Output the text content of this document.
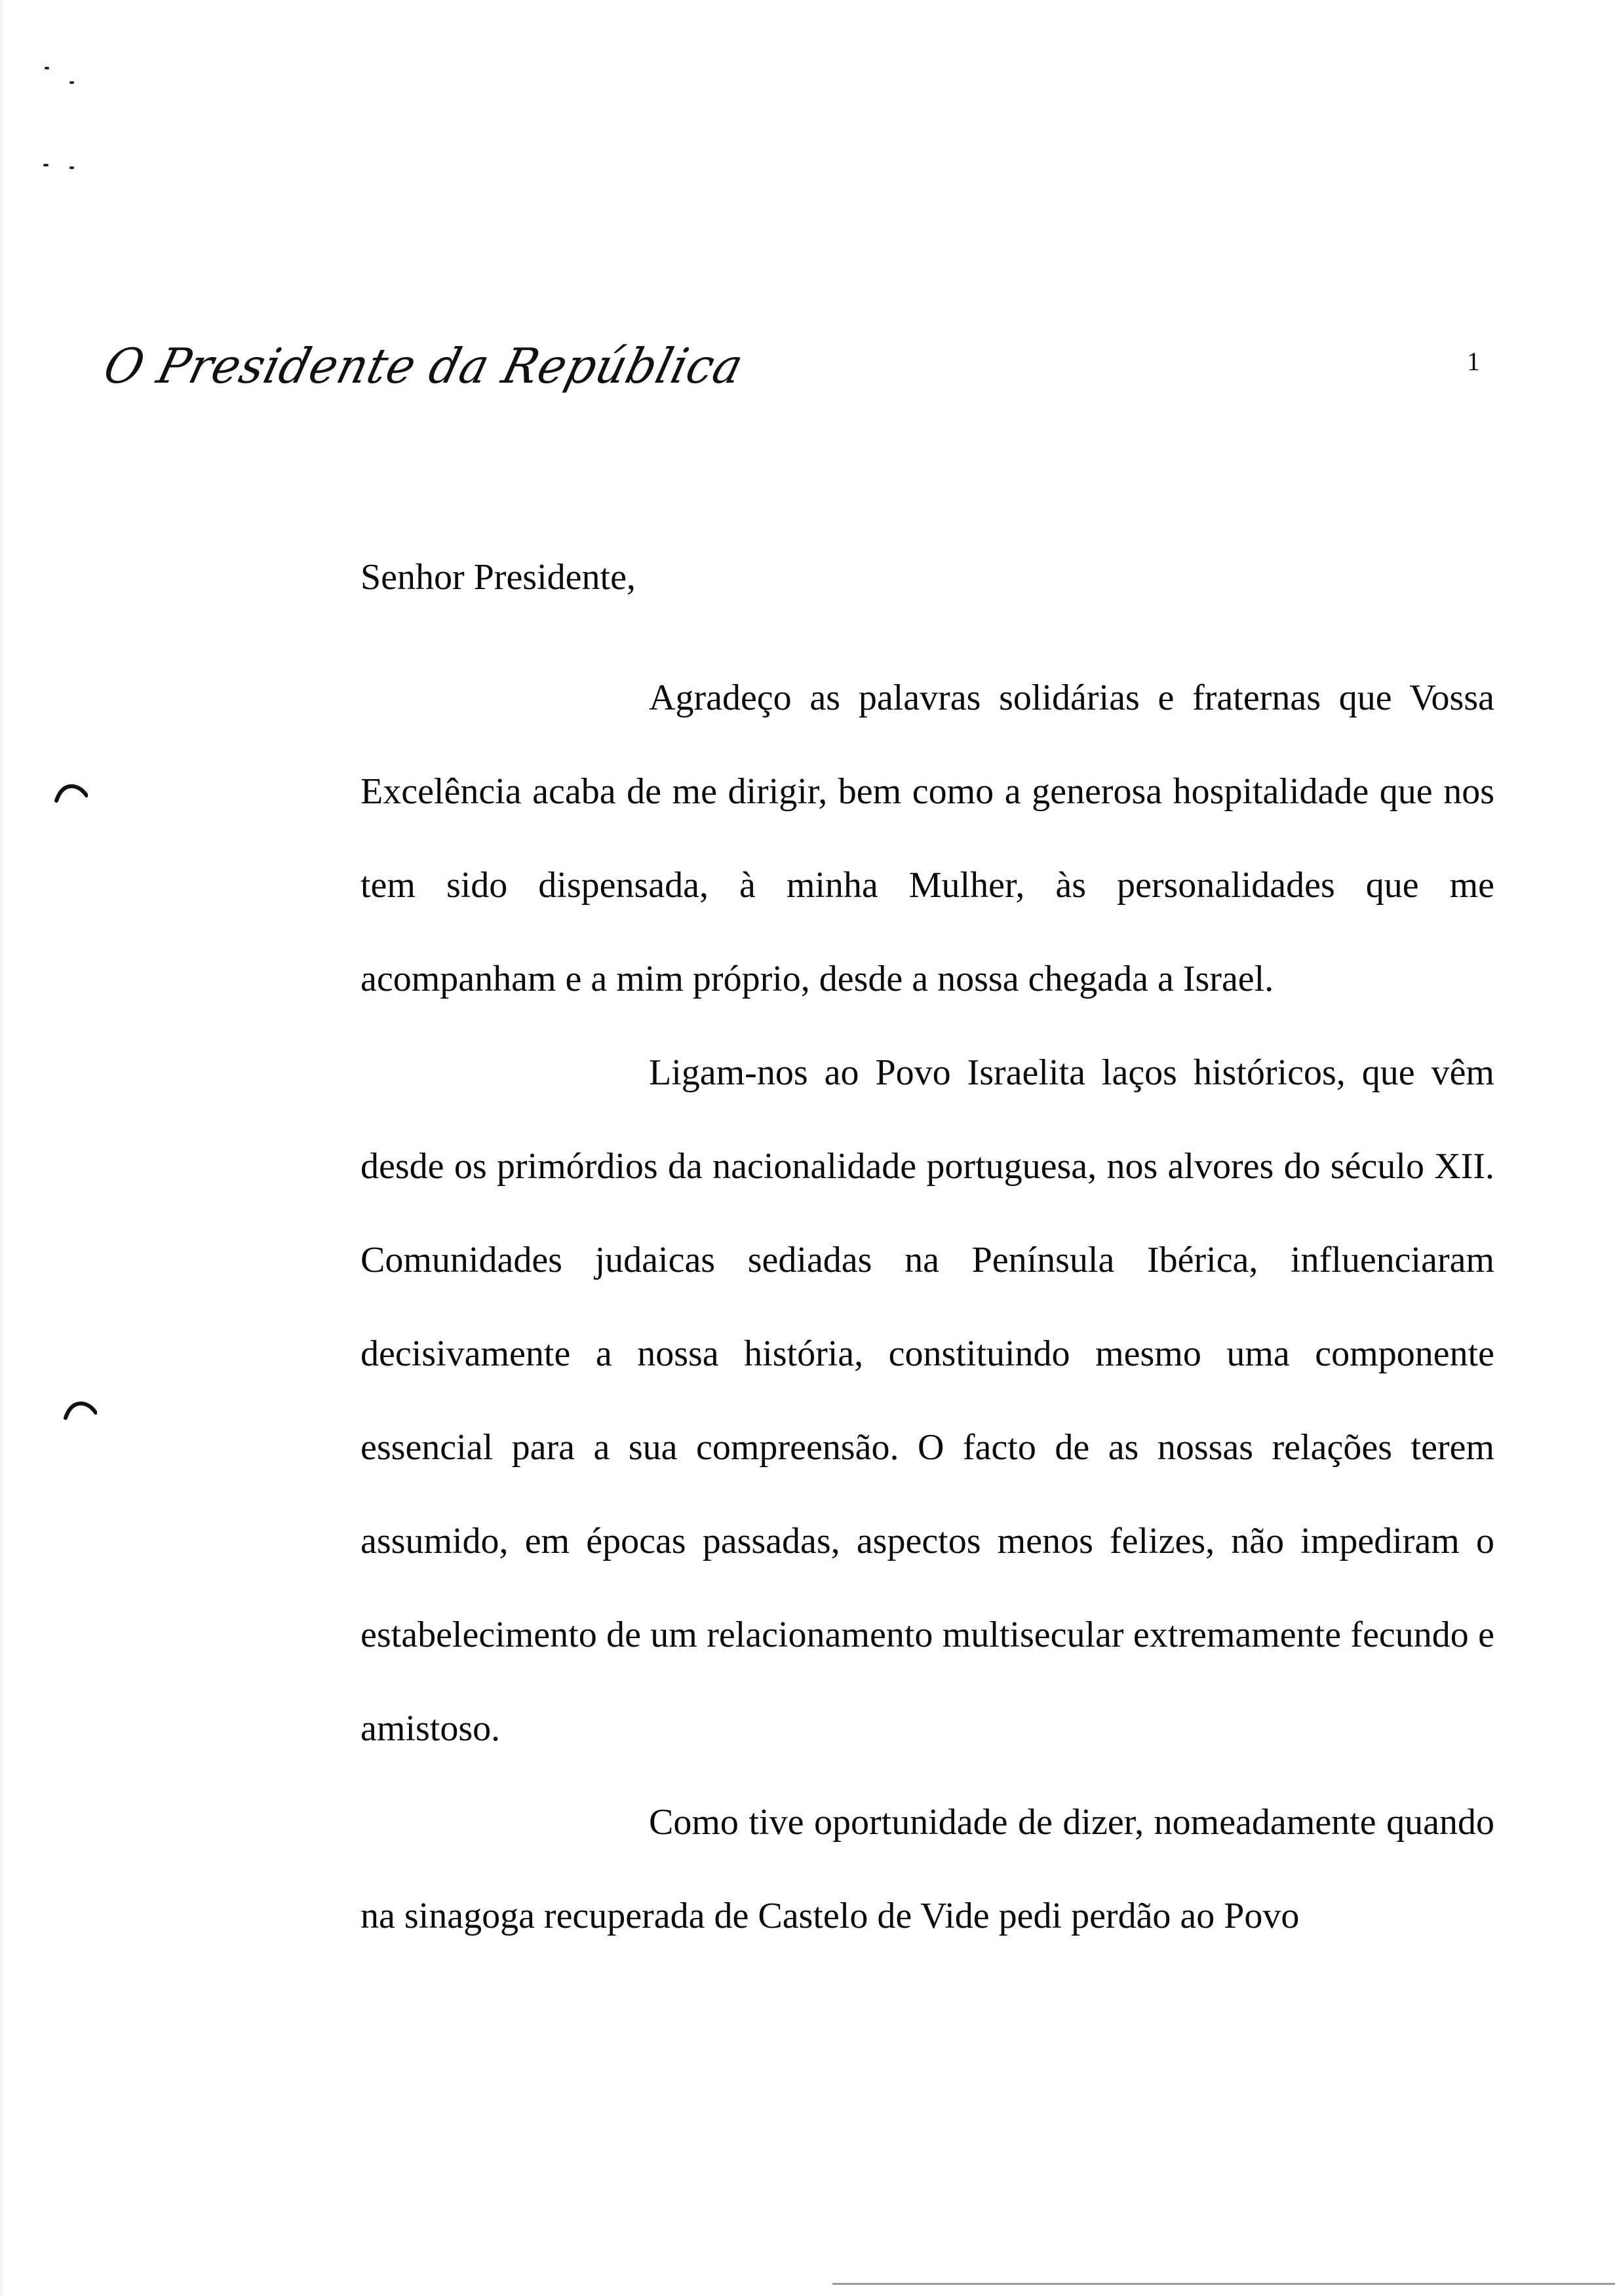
O Presidente da República	1

Senhor Presidente,

Agradeço as palavras solidárias e fraternas que Vossa Excelência acaba de me dirigir, bem como a generosa hospitalidade que nos tem sido dispensada, à minha Mulher, às personalidades que me acompanham e a mim próprio, desde a nossa chegada a Israel.

Ligam-nos ao Povo Israelita laços históricos, que vêm desde os primórdios da nacionalidade portuguesa, nos alvores do século XII. Comunidades judaicas sediadas na Península Ibérica, influenciaram decisivamente a nossa história, constituindo mesmo uma componente essencial para a sua compreensão. O facto de as nossas relações terem assumido, em épocas passadas, aspectos menos felizes, não impediram o estabelecimento de um relacionamento multisecular extremamente fecundo e amistoso.

Como tive oportunidade de dizer, nomeadamente quando na sinagoga recuperada de Castelo de Vide pedi perdão ao Povo
